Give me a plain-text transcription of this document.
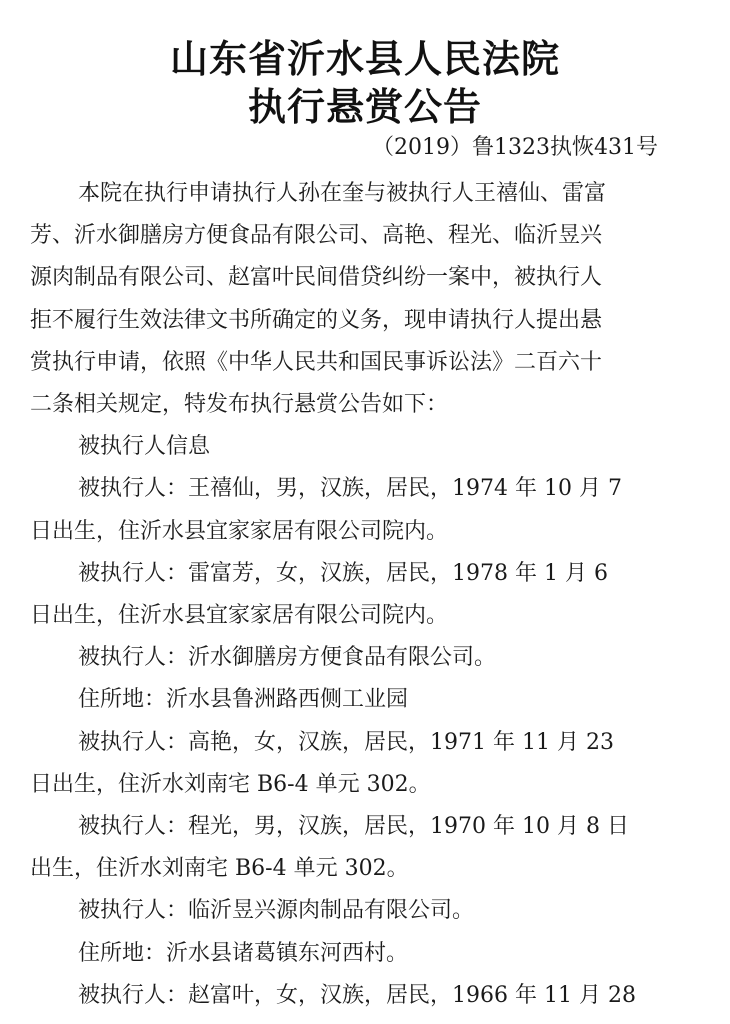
山东省沂水县人民法院
执行悬赏公告
（2019）鲁1323执恢431号
本院在执行申请执行人孙在奎与被执行人王禧仙、雷富
芳、沂水御膳房方便食品有限公司、高艳、程光、临沂昱兴
源肉制品有限公司、赵富叶民间借贷纠纷一案中，被执行人
拒不履行生效法律文书所确定的义务，现申请执行人提出悬
赏执行申请，依照《中华人民共和国民事诉讼法》二百六十
二条相关规定，特发布执行悬赏公告如下：
被执行人信息
被执行人：王禧仙，男，汉族，居民，1974 年 10 月 7
日出生，住沂水县宜家家居有限公司院内。
被执行人：雷富芳，女，汉族，居民，1978 年 1 月 6
日出生，住沂水县宜家家居有限公司院内。
被执行人：沂水御膳房方便食品有限公司。
住所地：沂水县鲁洲路西侧工业园
被执行人：高艳，女，汉族，居民，1971 年 11 月 23
日出生，住沂水刘南宅 B6-4 单元 302。
被执行人：程光，男，汉族，居民，1970 年 10 月 8 日
出生，住沂水刘南宅 B6-4 单元 302。
被执行人：临沂昱兴源肉制品有限公司。
住所地：沂水县诸葛镇东河西村。
被执行人：赵富叶，女，汉族，居民，1966 年 11 月 28
